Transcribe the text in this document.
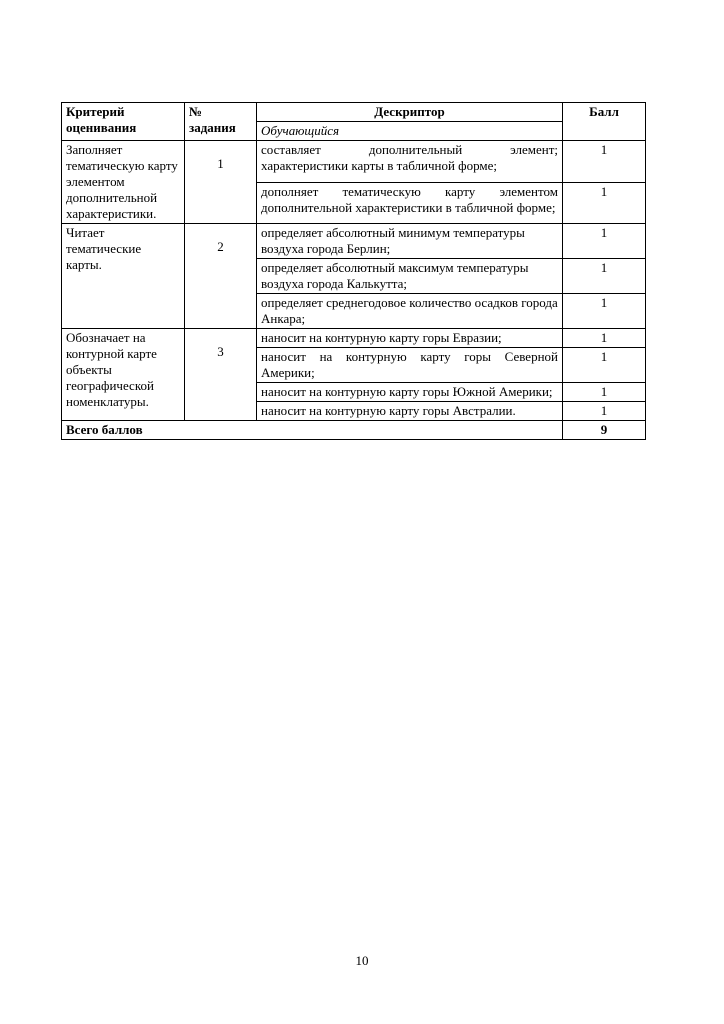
Критерий оценивания	№ задания	Дескриптор	Балл
		Обучающийся	
Заполняет тематическую карту элементом дополнительной характеристики.	1	составляет дополнительный элемент; характеристики карты в табличной форме;	1
		дополняет тематическую карту элементом дополнительной характеристики в табличной форме;	1
Читает тематические карты.	2	определяет абсолютный минимум температуры воздуха города Берлин;	1
		определяет абсолютный максимум температуры воздуха города Калькутта;	1
		определяет среднегодовое количество осадков города Анкара;	1
Обозначает на контурной карте объекты географической номенклатуры.	3	наносит на контурную карту горы Евразии;	1
		наносит на контурную карту горы Северной Америки;	1
		наносит на контурную карту горы Южной Америки;	1
		наносит на контурную карту горы Австралии.	1
Всего баллов			9
10
